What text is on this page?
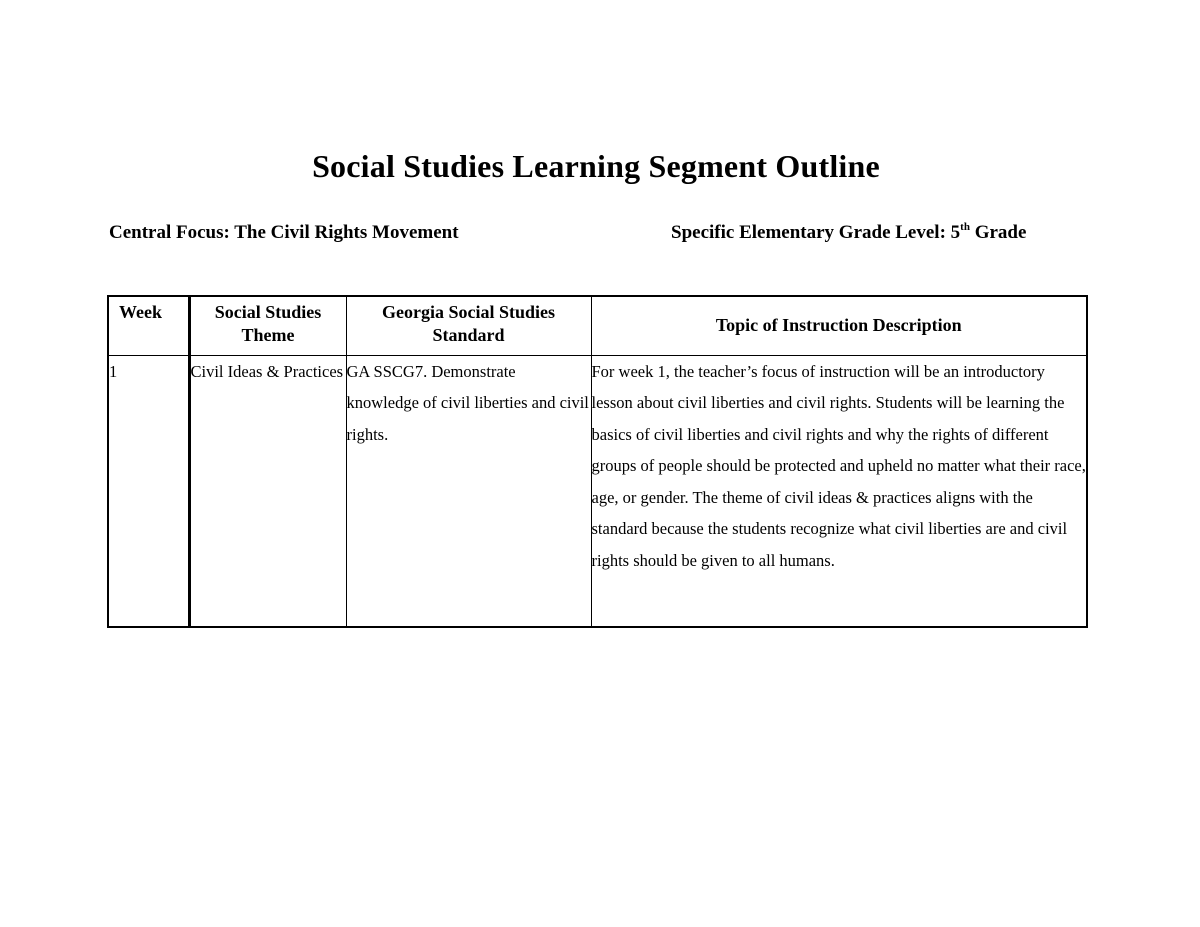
Social Studies Learning Segment Outline
Central Focus: The Civil Rights Movement	Specific Elementary Grade Level: 5th Grade
Week	Social Studies Theme	Georgia Social Studies Standard	Topic of Instruction Description
1	Civil Ideas & Practices	GA SSCG7. Demonstrate knowledge of civil liberties and civil rights.	For week 1, the teacher’s focus of instruction will be an introductory lesson about civil liberties and civil rights. Students will be learning the basics of civil liberties and civil rights and why the rights of different groups of people should be protected and upheld no matter what their race, age, or gender. The theme of civil ideas & practices aligns with the standard because the students recognize what civil liberties are and civil rights should be given to all humans.
